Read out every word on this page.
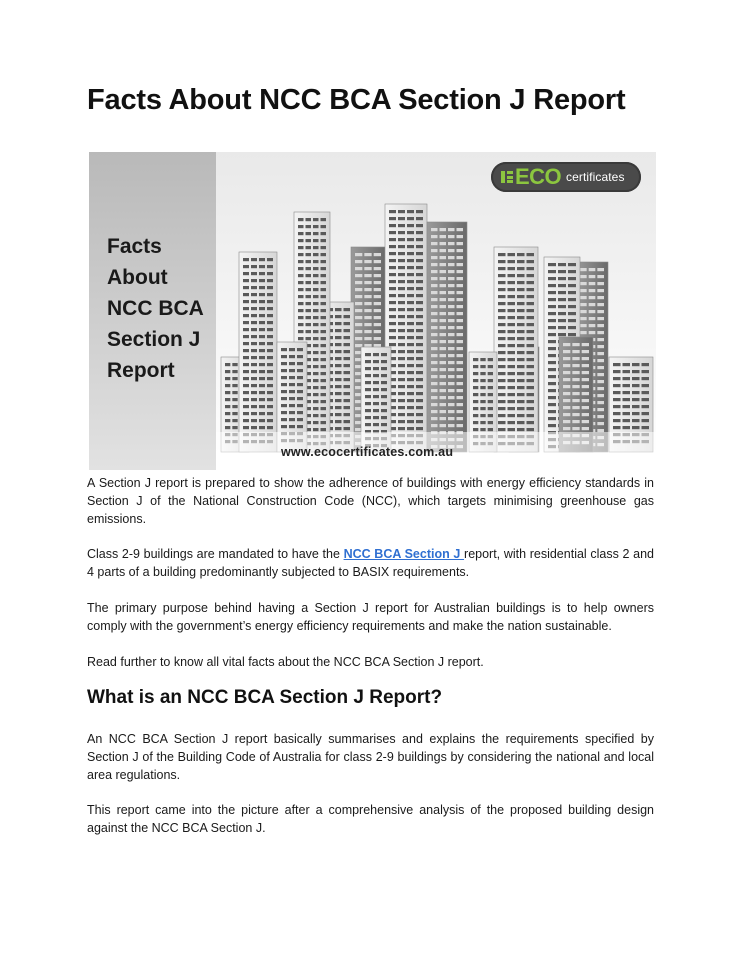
Facts About NCC BCA Section J Report
Facts
About
NCC BCA
Section J
Report
ECO certificates
www.ecocertificates.com.au

A Section J report is prepared to show the adherence of buildings with energy efficiency standards in Section J of the National Construction Code (NCC), which targets minimising greenhouse gas emissions.

Class 2-9 buildings are mandated to have the NCC BCA Section J report, with residential class 2 and 4 parts of a building predominantly subjected to BASIX requirements.

The primary purpose behind having a Section J report for Australian buildings is to help owners comply with the government’s energy efficiency requirements and make the nation sustainable.

Read further to know all vital facts about the NCC BCA Section J report.

What is an NCC BCA Section J Report?

An NCC BCA Section J report basically summarises and explains the requirements specified by Section J of the Building Code of Australia for class 2-9 buildings by considering the national and local area regulations.

This report came into the picture after a comprehensive analysis of the proposed building design against the NCC BCA Section J.
